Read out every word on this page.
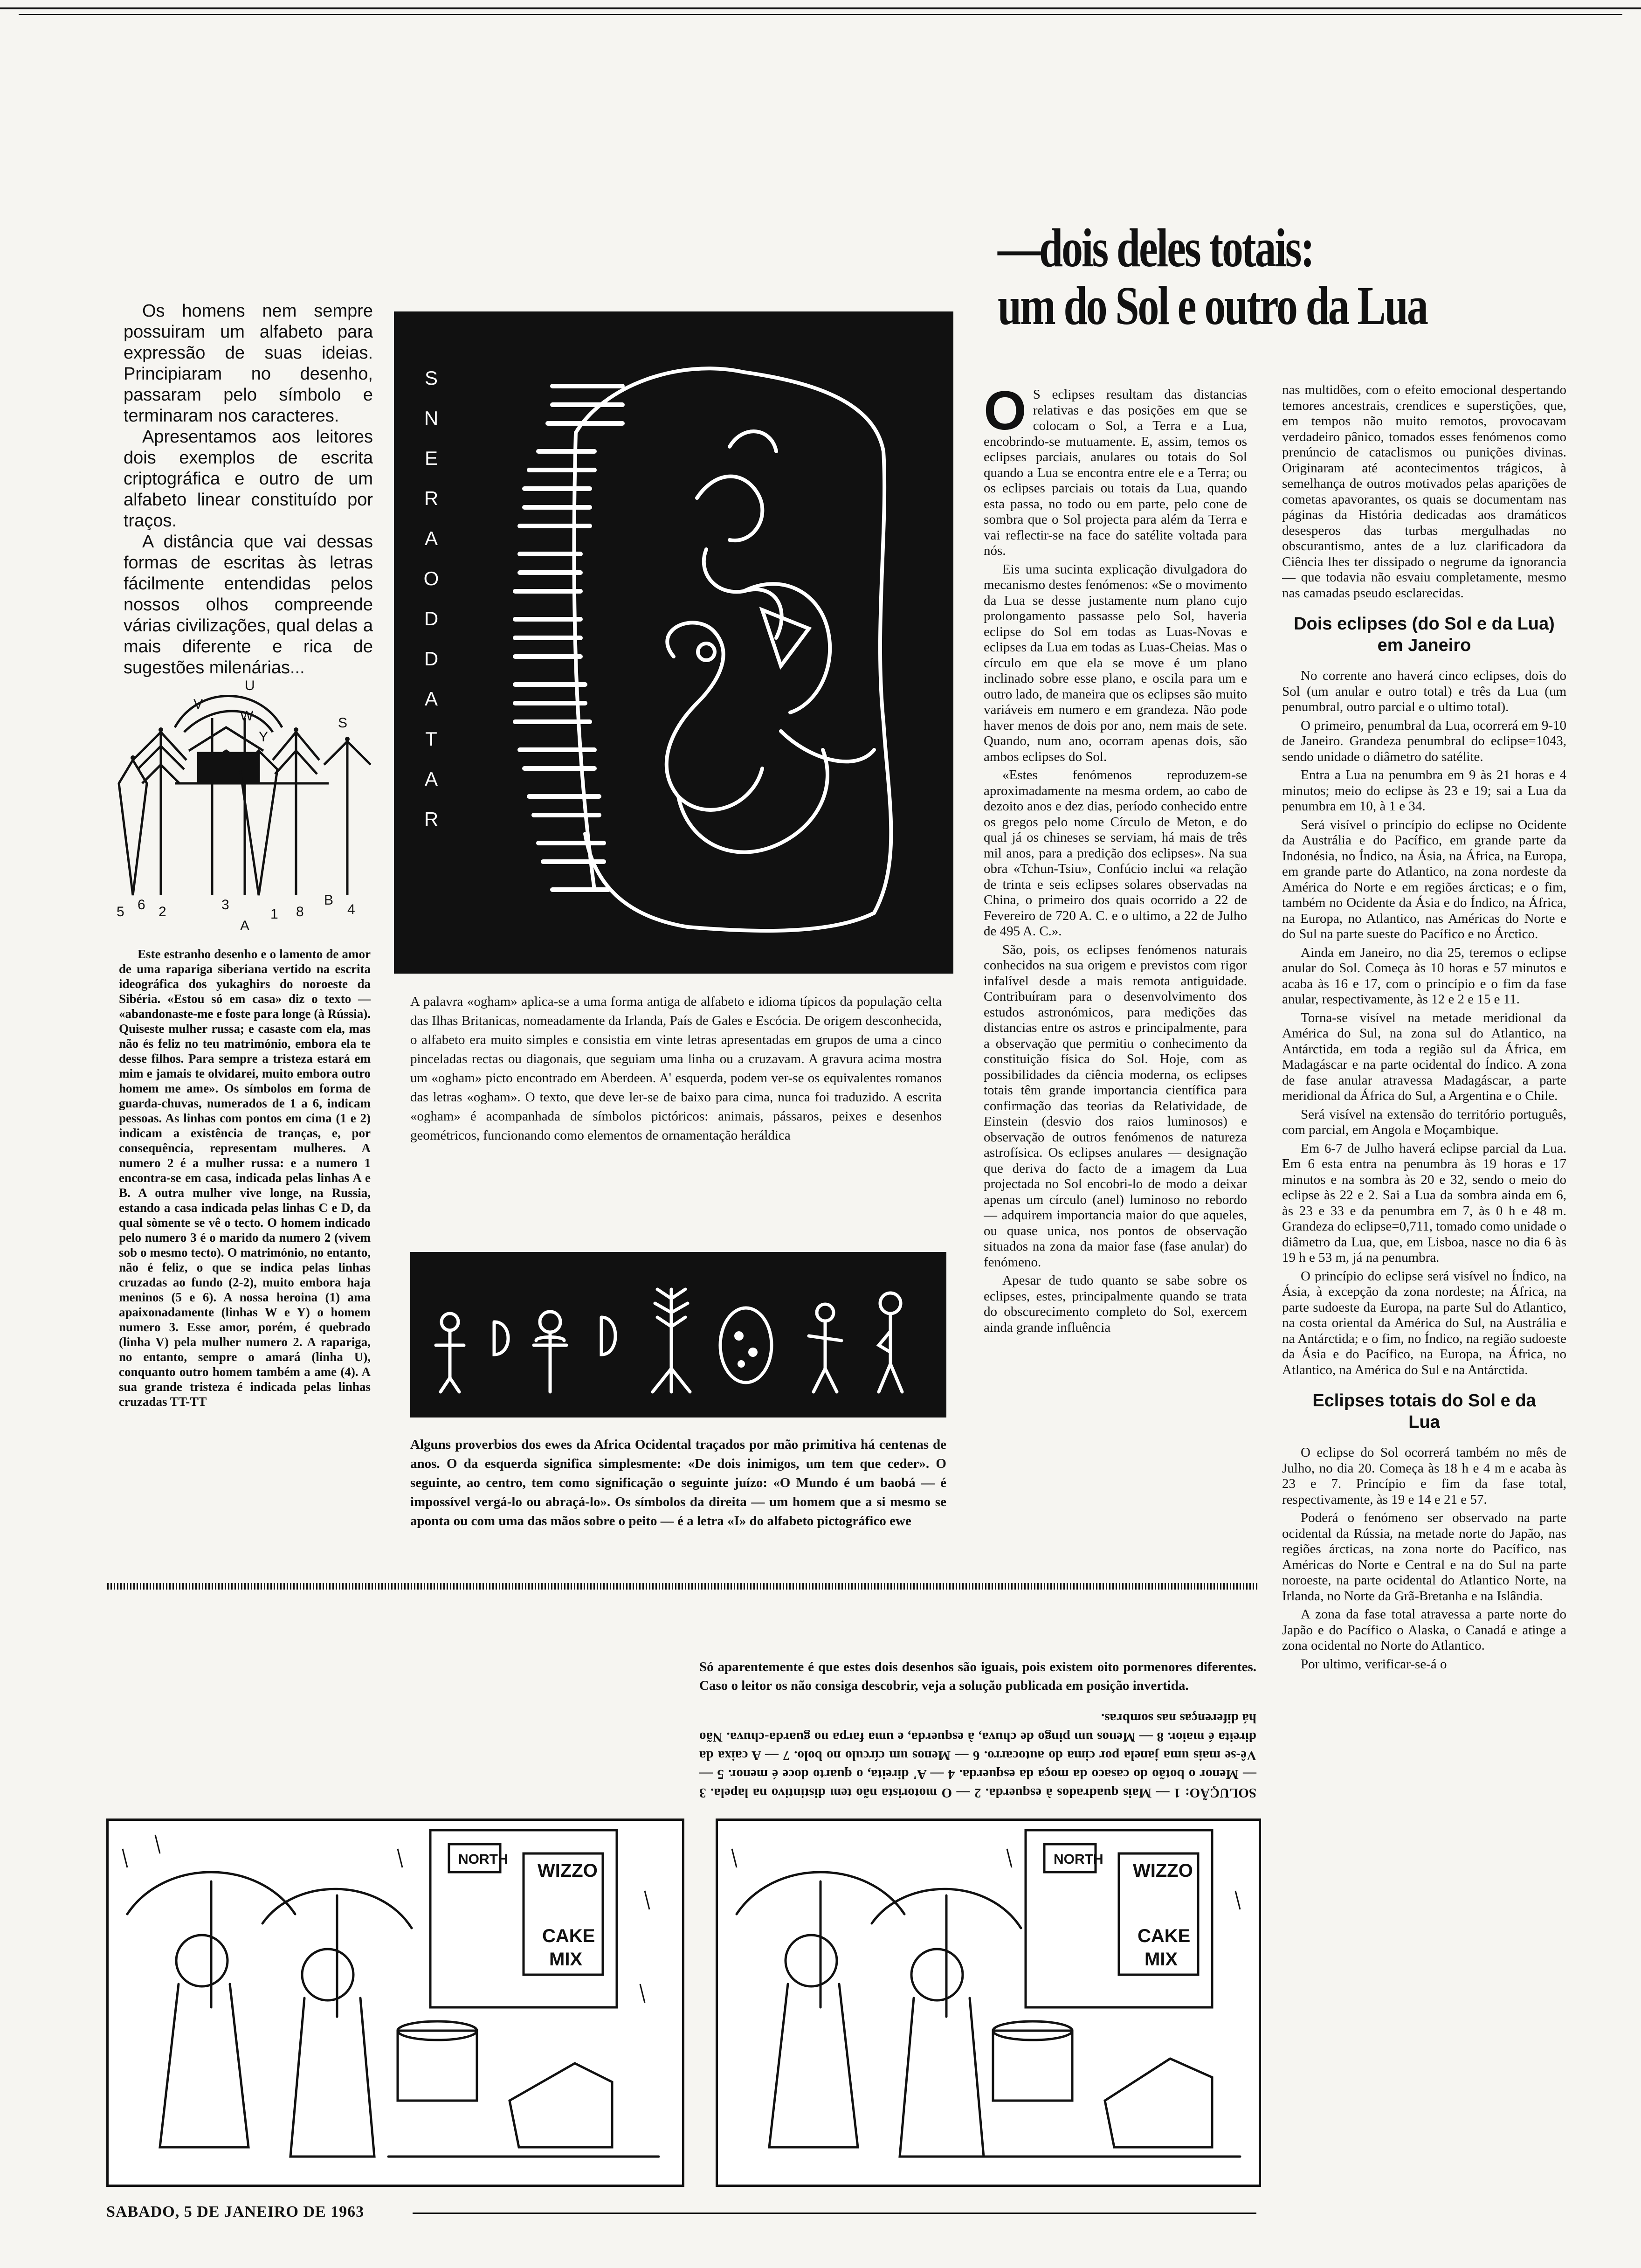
Os homens nem sempre possuiram um alfabeto para expressão de suas ideias. Principiaram no desenho, passaram pelo símbolo e terminaram nos caracteres.

Apresentamos aos leitores dois exemplos de escrita criptográfica e outro de um alfabeto linear constituído por traços.

A distância que vai dessas formas de escritas às letras fácilmente entendidas pelos nossos olhos compreende várias civilizações, qual delas a mais diferente e rica de sugestões milenárias...

U
V
W
Y
S
5 6 2	3
1 8	4
A
B

Este estranho desenho e o lamento de amor de uma rapariga siberiana vertido na escrita ideográfica dos yukaghirs do noroeste da Sibéria. «Estou só em casa» diz o texto — «abandonaste-me e foste para longe (à Rússia). Quiseste mulher russa; e casaste com ela, mas não és feliz no teu matrimónio, embora ela te desse filhos. Para sempre a tristeza estará em mim e jamais te olvidarei, muito embora outro homem me ame». Os símbolos em forma de guarda-chuvas, numerados de 1 a 6, indicam pessoas. As linhas com pontos em cima (1 e 2) indicam a existência de tranças, e, por consequência, representam mulheres. A numero 2 é a mulher russa: e a numero 1 encontra-se em casa, indicada pelas linhas A e B. A outra mulher vive longe, na Russia, estando a casa indicada pelas linhas C e D, da qual sòmente se vê o tecto. O homem indicado pelo numero 3 é o marido da numero 2 (vivem sob o mesmo tecto). O matrimónio, no entanto, não é feliz, o que se indica pelas linhas cruzadas ao fundo (2-2), muito embora haja meninos (5 e 6). A nossa heroina (1) ama apaixonadamente (linhas W e Y) o homem numero 3. Esse amor, porém, é quebrado (linha V) pela mulher numero 2. A rapariga, no entanto, sempre o amará (linha U), conquanto outro homem também a ame (4). A sua grande tristeza é indicada pelas linhas cruzadas TT-TT

S
N
E
R
A
O
D
D
A
T
A
R
A palavra «ogham» aplica-se a uma forma antiga de alfabeto e idioma típicos da população celta das Ilhas Britanicas, nomeadamente da Irlanda, País de Gales e Escócia. De origem desconhecida, o alfabeto era muito simples e consistia em vinte letras apresentadas em grupos de uma a cinco pinceladas rectas ou diagonais, que seguiam uma linha ou a cruzavam. A gravura acima mostra um «ogham» picto encontrado em Aberdeen. A' esquerda, podem ver-se os equivalentes romanos das letras «ogham». O texto, que deve ler-se de baixo para cima, nunca foi traduzido. A escrita «ogham» é acompanhada de símbolos pictóricos: animais, pássaros, peixes e desenhos geométricos, funcionando como elementos de ornamentação heráldica
Alguns proverbios dos ewes da Africa Ocidental traçados por mão primitiva há centenas de anos. O da esquerda significa simplesmente: «De dois inimigos, um tem que ceder». O seguinte, ao centro, tem como significação o seguinte juízo: «O Mundo é um baobá — é impossível vergá-lo ou abraçá-lo». Os símbolos da direita — um homem que a si mesmo se aponta ou com uma das mãos sobre o peito — é a letra «I» do alfabeto pictográfico ewe
—dois deles totais:
um do Sol e outro da Lua

O S eclipses resultam das distancias relativas e das posições em que se colocam o Sol, a Terra e a Lua, encobrindo-se mutuamente. E, assim, temos os eclipses parciais, anulares ou totais do Sol quando a Lua se encontra entre ele e a Terra; ou os eclipses parciais ou totais da Lua, quando esta passa, no todo ou em parte, pelo cone de sombra que o Sol projecta para além da Terra e vai reflectir-se na face do satélite voltada para nós.

Eis uma sucinta explicação divulgadora do mecanismo destes fenómenos: «Se o movimento da Lua se desse justamente num plano cujo prolongamento passasse pelo Sol, haveria eclipse do Sol em todas as Luas-Novas e eclipses da Lua em todas as Luas-Cheias. Mas o círculo em que ela se move é um plano inclinado sobre esse plano, e oscila para um e outro lado, de maneira que os eclipses são muito variáveis em numero e em grandeza. Não pode haver menos de dois por ano, nem mais de sete. Quando, num ano, ocorram apenas dois, são ambos eclipses do Sol.

«Estes fenómenos reproduzem-se aproximadamente na mesma ordem, ao cabo de dezoito anos e dez dias, período conhecido entre os gregos pelo nome Círculo de Meton, e do qual já os chineses se serviam, há mais de três mil anos, para a predição dos eclipses». Na sua obra «Tchun-Tsiu», Confúcio inclui «a relação de trinta e seis eclipses solares observadas na China, o primeiro dos quais ocorrido a 22 de Fevereiro de 720 A. C. e o ultimo, a 22 de Julho de 495 A. C.».

São, pois, os eclipses fenómenos naturais conhecidos na sua origem e previstos com rigor infalível desde a mais remota antiguidade. Contribuíram para o desenvolvimento dos estudos astronómicos, para medições das distancias entre os astros e principalmente, para a observação que permitiu o conhecimento da constituição física do Sol. Hoje, com as possibilidades da ciência moderna, os eclipses totais têm grande importancia científica para confirmação das teorias da Relatividade, de Einstein (desvio dos raios luminosos) e observação de outros fenómenos de natureza astrofísica. Os eclipses anulares — designação que deriva do facto de a imagem da Lua projectada no Sol encobri-lo de modo a deixar apenas um círculo (anel) luminoso no rebordo — adquirem importancia maior do que aqueles, ou quase unica, nos pontos de observação situados na zona da maior fase (fase anular) do fenómeno.

Apesar de tudo quanto se sabe sobre os eclipses, estes, principalmente quando se trata do obscurecimento completo do Sol, exercem ainda grande influência

nas multidões, com o efeito emocional despertando temores ancestrais, crendices e superstições, que, em tempos não muito remotos, provocavam verdadeiro pânico, tomados esses fenómenos como prenúncio de cataclismos ou punições divinas. Originaram até acontecimentos trágicos, à semelhança de outros motivados pelas aparições de cometas apavorantes, os quais se documentam nas páginas da História dedicadas aos dramáticos desesperos das turbas mergulhadas no obscurantismo, antes de a luz clarificadora da Ciência lhes ter dissipado o negrume da ignorancia — que todavia não esvaiu completamente, mesmo nas camadas pseudo esclarecidas.

Dois eclipses (do Sol e da Lua) em Janeiro

No corrente ano haverá cinco eclipses, dois do Sol (um anular e outro total) e três da Lua (um penumbral, outro parcial e o ultimo total).

O primeiro, penumbral da Lua, ocorrerá em 9-10 de Janeiro. Grandeza penumbral do eclipse=1043, sendo unidade o diâmetro do satélite.

Entra a Lua na penumbra em 9 às 21 horas e 4 minutos; meio do eclipse às 23 e 19; sai a Lua da penumbra em 10, à 1 e 34.

Será visível o princípio do eclipse no Ocidente da Austrália e do Pacífico, em grande parte da Indonésia, no Índico, na Ásia, na África, na Europa, em grande parte do Atlantico, na zona nordeste da América do Norte e em regiões árcticas; e o fim, também no Ocidente da Ásia e do Índico, na África, na Europa, no Atlantico, nas Américas do Norte e do Sul na parte sueste do Pacífico e no Árctico.

Ainda em Janeiro, no dia 25, teremos o eclipse anular do Sol. Começa às 10 horas e 57 minutos e acaba às 16 e 17, com o princípio e o fim da fase anular, respectivamente, às 12 e 2 e 15 e 11.

Torna-se visível na metade meridional da América do Sul, na zona sul do Atlantico, na Antárctida, em toda a região sul da África, em Madagáscar e na parte ocidental do Índico. A zona de fase anular atravessa Madagáscar, a parte meridional da África do Sul, a Argentina e o Chile.

Será visível na extensão do território português, com parcial, em Angola e Moçambique.

Em 6-7 de Julho haverá eclipse parcial da Lua. Em 6 esta entra na penumbra às 19 horas e 17 minutos e na sombra às 20 e 32, sendo o meio do eclipse às 22 e 2. Sai a Lua da sombra ainda em 6, às 23 e 33 e da penumbra em 7, às 0 h e 48 m. Grandeza do eclipse=0,711, tomado como unidade o diâmetro da Lua, que, em Lisboa, nasce no dia 6 às 19 h e 53 m, já na penumbra.

O princípio do eclipse será visível no Índico, na Ásia, à excepção da zona nordeste; na África, na parte sudoeste da Europa, na parte Sul do Atlantico, na costa oriental da América do Sul, na Austrália e na Antárctida; e o fim, no Índico, na região sudoeste da Ásia e do Pacífico, na Europa, na África, no Atlantico, na América do Sul e na Antárctida.

Eclipses totais do Sol e da Lua

O eclipse do Sol ocorrerá também no mês de Julho, no dia 20. Começa às 18 h e 4 m e acaba às 23 e 7. Princípio e fim da fase total, respectivamente, às 19 e 14 e 21 e 57.

Poderá o fenómeno ser observado na parte ocidental da Rússia, na metade norte do Japão, nas regiões árcticas, na zona norte do Pacífico, nas Américas do Norte e Central e na do Sul na parte noroeste, na parte ocidental do Atlantico Norte, na Irlanda, no Norte da Grã-Bretanha e na Islândia.

A zona da fase total atravessa a parte norte do Japão e do Pacífico o Alaska, o Canadá e atinge a zona ocidental no Norte do Atlantico.

Por ultimo, verificar-se-á o

Só aparentemente é que estes dois desenhos são iguais, pois existem oito pormenores diferentes. Caso o leitor os não consiga descobrir, veja a solução publicada em posição invertida.
SOLUÇÃO: 1 — Mais quadrados à esquerda. 2 — O motorista não tem distintivo na lapela. 3 — Menor o botão do casaco da moça da esquerda. 4 — A' direita, o quarto doce é menor. 5 — Vê-se mais uma janela por cima do autocarro. 6 — Menos um círculo no bolo. 7 — A caixa da direita é maior. 8 — Menos um pingo de chuva, à esquerda, e uma farpa no guarda-chuva. Não há diferenças nas sombras.
NORTH
WIZZO
CAKE
MIX
NORTH
WIZZO
CAKE
MIX
SABADO, 5 DE JANEIRO DE 1963
